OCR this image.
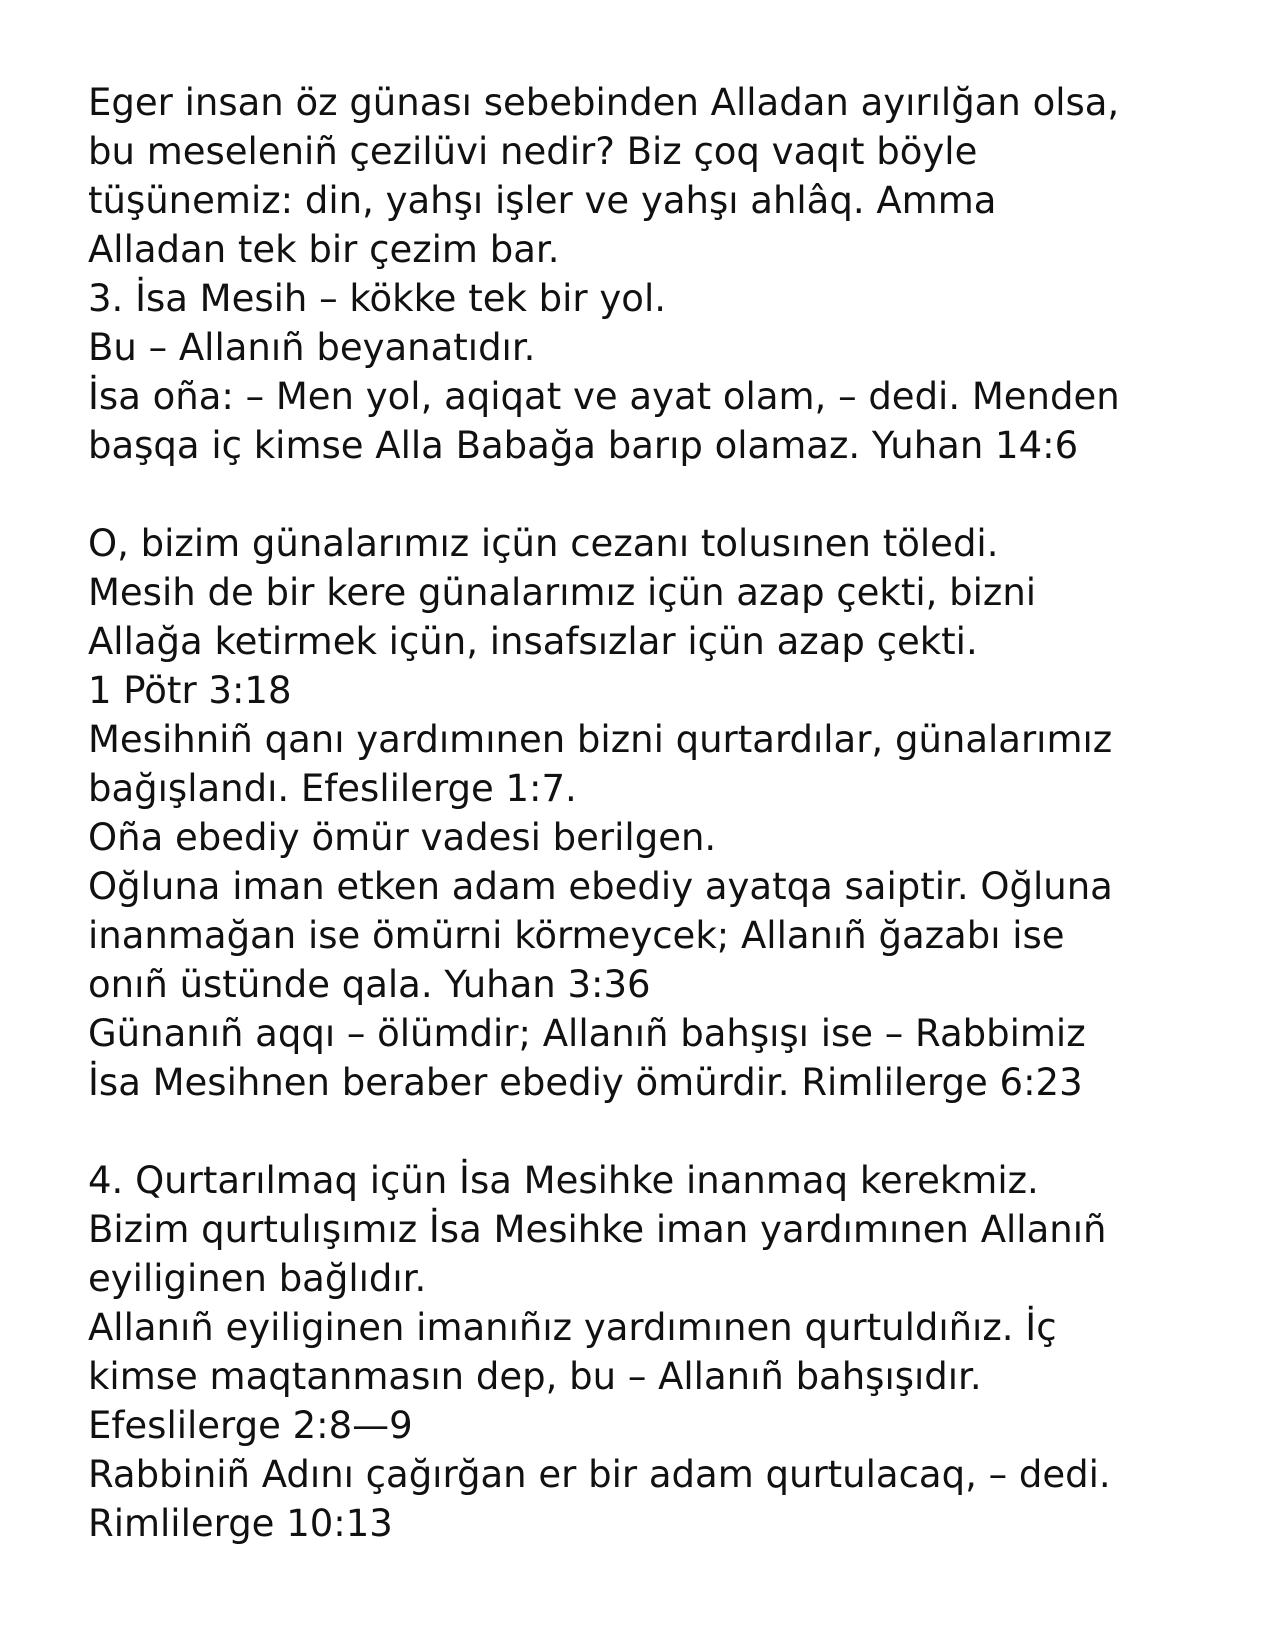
Eger insan öz günası sebebinden Alladan ayırılğan olsa,
bu meseleniñ çezilüvi nedir? Biz çoq vaqıt böyle
tüşünemiz: din, yahşı işler ve yahşı ahlâq. Amma
Alladan tek bir çezim bar.
3. İsa Mesih – kökke tek bir yol.
Bu – Allanıñ beyanatıdır.
İsa oña: – Men yol, aqiqat ve ayat olam, – dedi. Menden
başqa iç kimse Alla Babağa barıp olamaz. Yuhan 14:6
O, bizim günalarımız içün cezanı tolusınen töledi.
Mesih de bir kere günalarımız içün azap çekti, bizni
Allağa ketirmek içün, insafsızlar içün azap çekti.
1 Pötr 3:18
Mesihniñ qanı yardımınen bizni qurtardılar, günalarımız
bağışlandı. Efeslilerge 1:7.
Oña ebediy ömür vadesi berilgen.
Oğluna iman etken adam ebediy ayatqa saiptir. Oğluna
inanmağan ise ömürni körmeycek; Allanıñ ğazabı ise
onıñ üstünde qala. Yuhan 3:36
Günanıñ aqqı – ölümdir; Allanıñ bahşışı ise – Rabbimiz
İsa Mesihnen beraber ebediy ömürdir. Rimlilerge 6:23
4. Qurtarılmaq içün İsa Mesihke inanmaq kerekmiz.
Bizim qurtulışımız İsa Mesihke iman yardımınen Allanıñ
eyiliginen bağlıdır.
Allanıñ eyiliginen imanıñız yardımınen qurtuldıñız. İç
kimse maqtanmasın dep, bu – Allanıñ bahşışıdır.
Efeslilerge 2:8—9
Rabbiniñ Adını çağırğan er bir adam qurtulacaq, – dedi.
Rimlilerge 10:13
